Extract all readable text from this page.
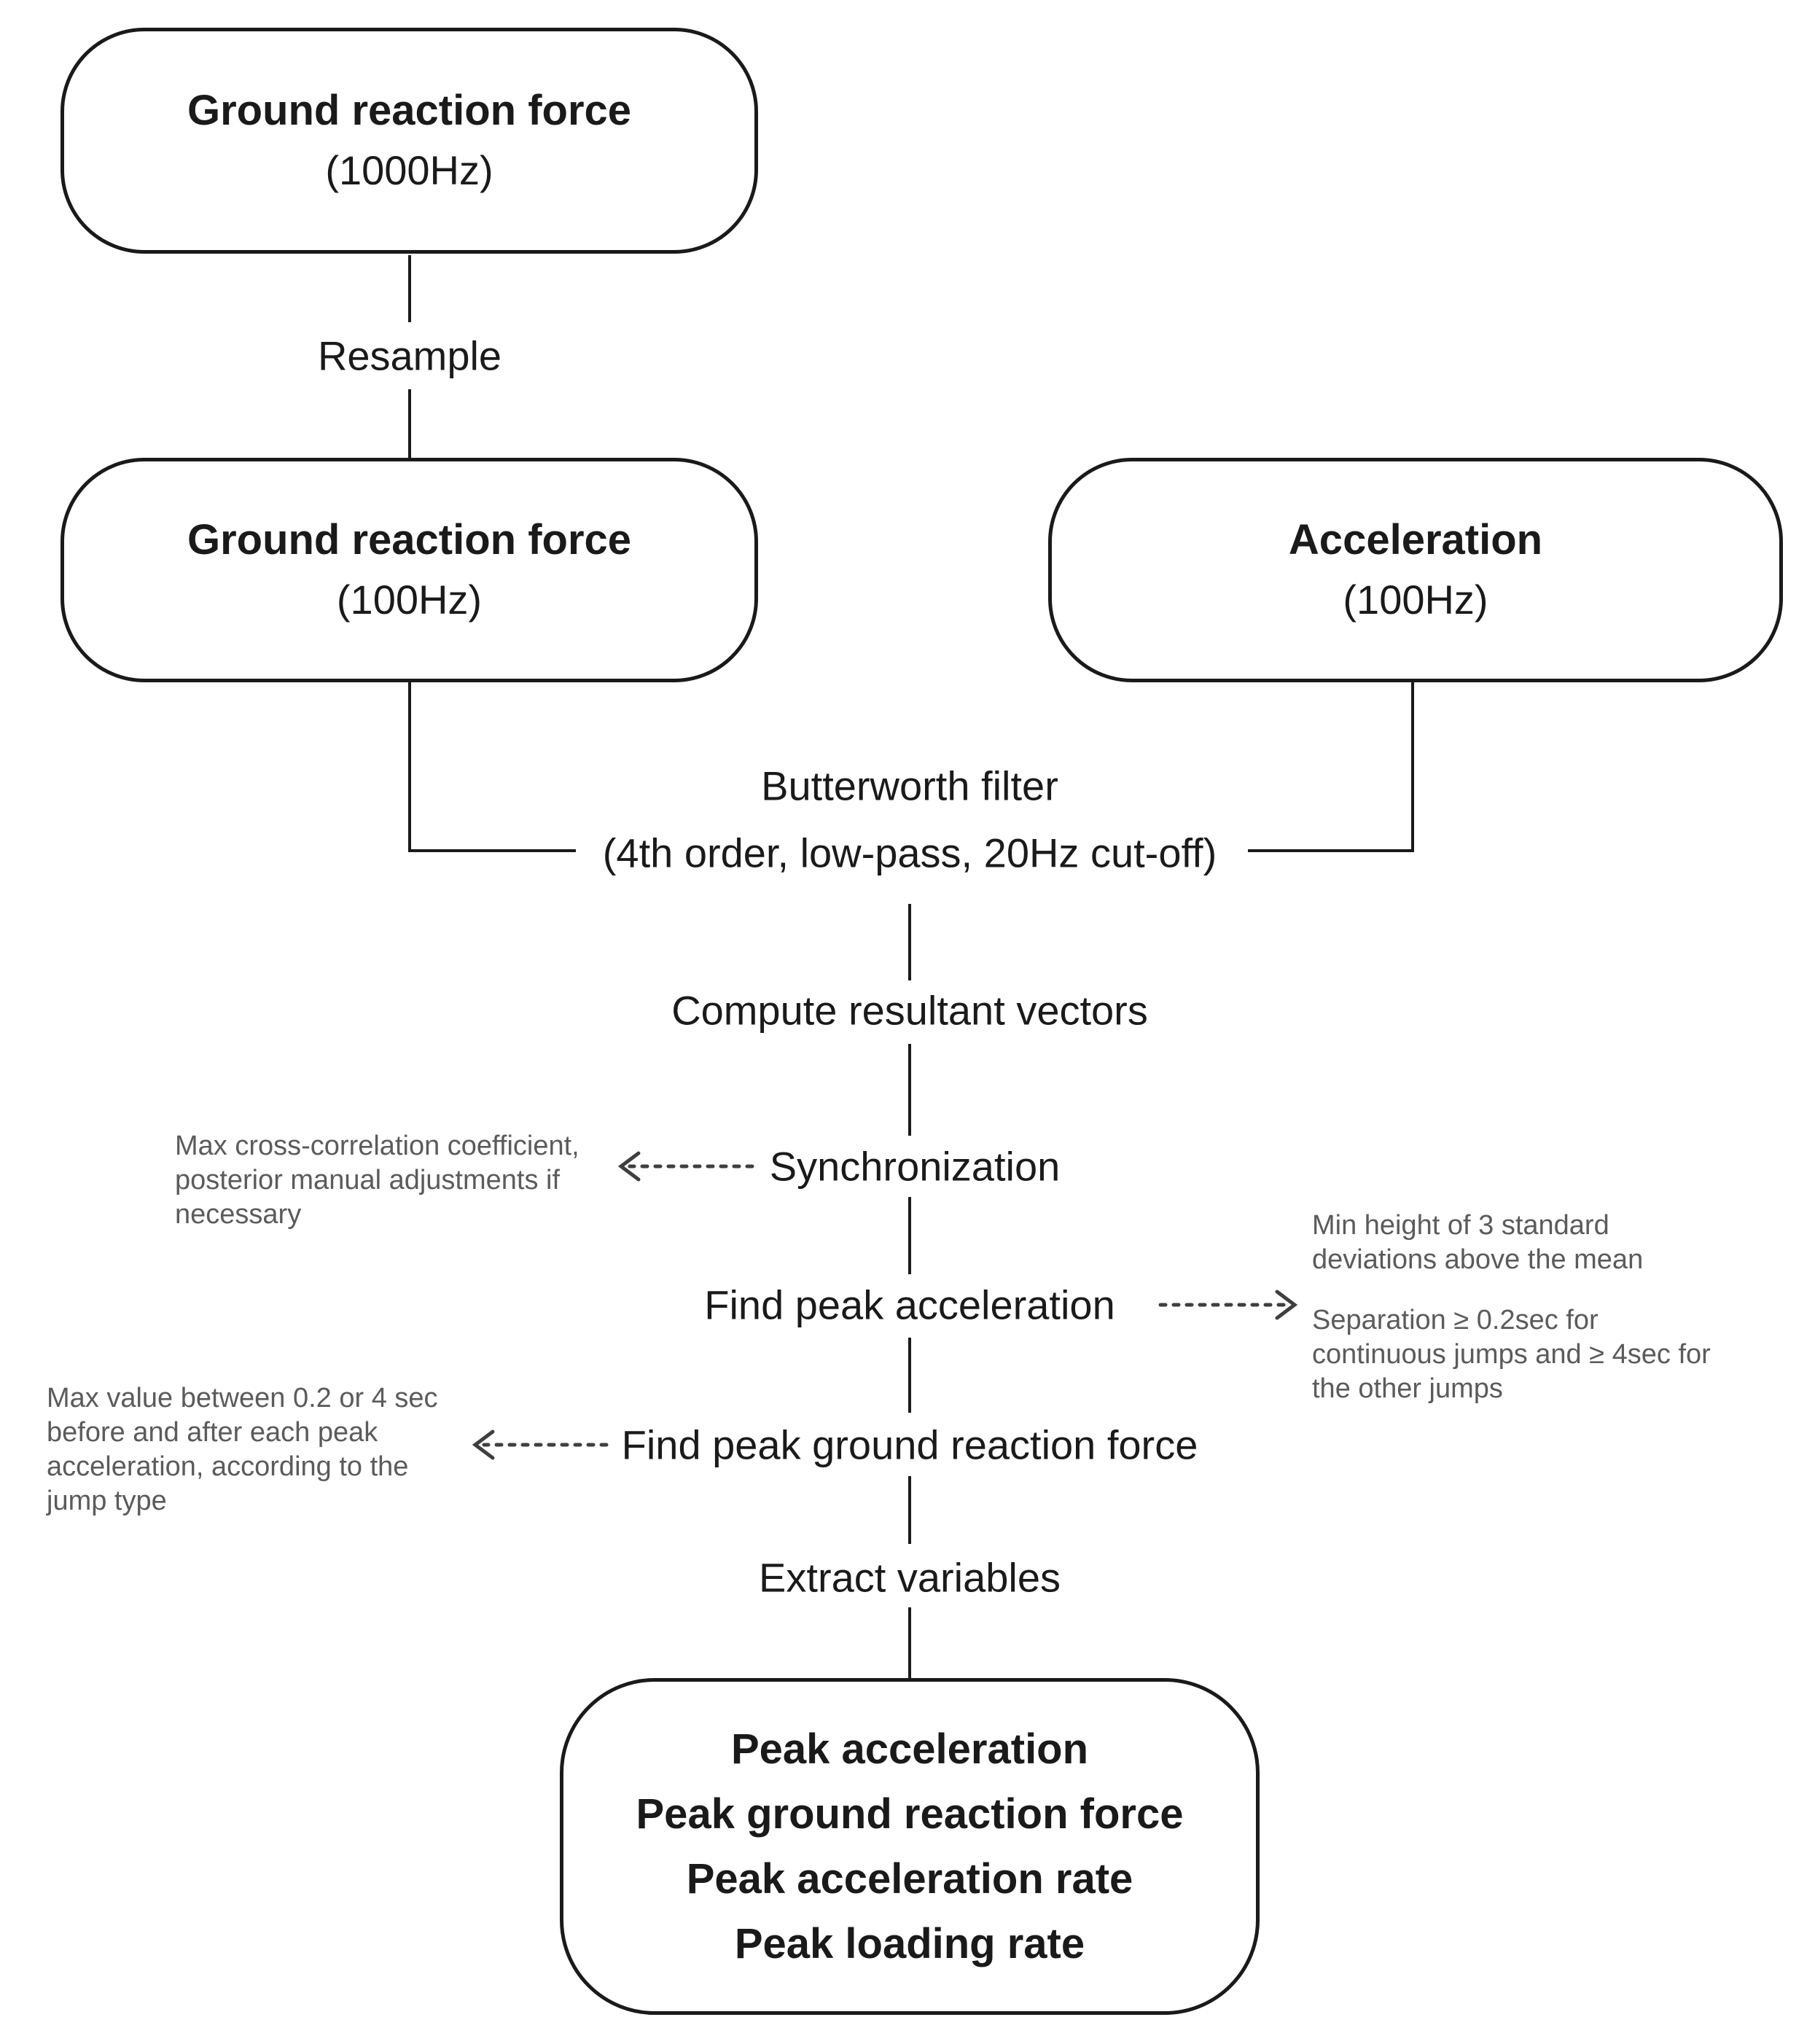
Ground reaction force
(1000Hz)
Resample
Ground reaction force
(100Hz)
Acceleration
(100Hz)
Butterworth filter
(4th order, low-pass, 20Hz cut-off)
Compute resultant vectors
Synchronization
Find peak acceleration
Find peak ground reaction force
Extract variables
Max cross-correlation coefficient, posterior manual adjustments if necessary	Min height of 3 standard deviations above the mean
Separation ≥ 0.2sec for continuous jumps and ≥ 4sec for the other jumps
Max value between 0.2 or 4 sec before and after each peak acceleration, according to the jump type
Peak acceleration
Peak ground reaction force
Peak acceleration rate
Peak loading rate
